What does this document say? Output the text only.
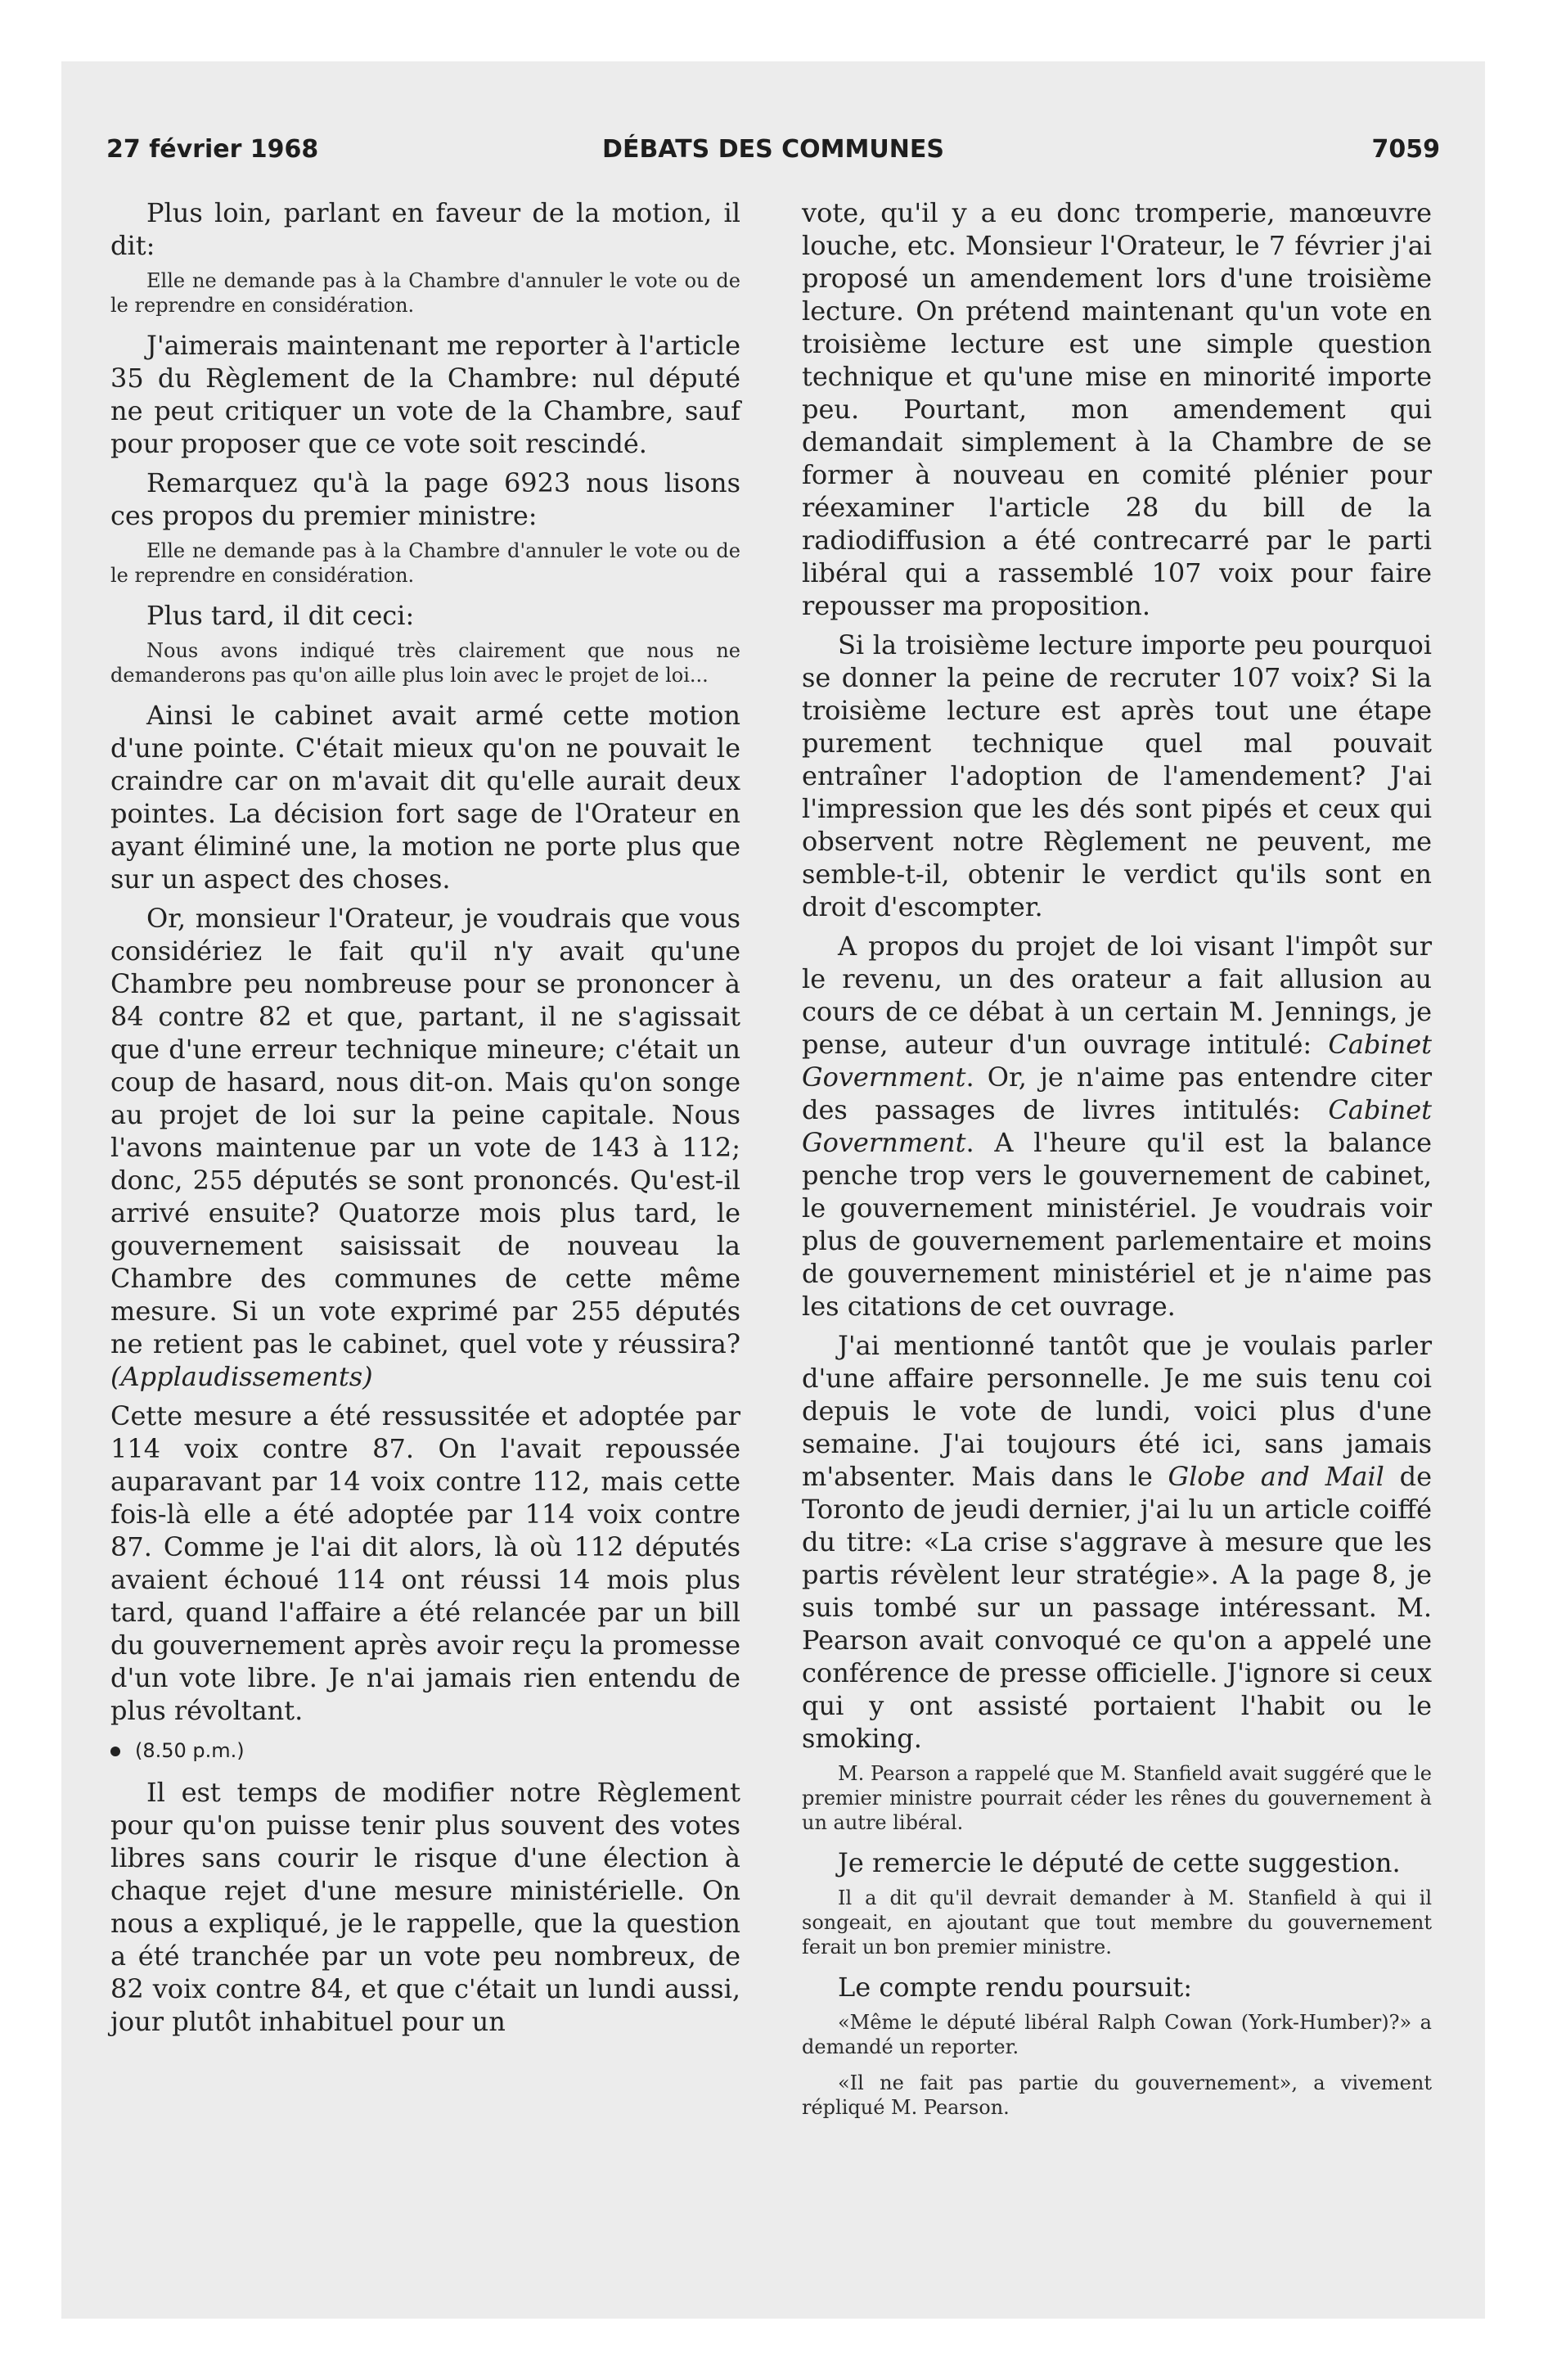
27 février 1968	DÉBATS DES COMMUNES	7059

Plus loin, parlant en faveur de la motion, il dit:

Elle ne demande pas à la Chambre d'annuler le vote ou de le reprendre en considération.

J'aimerais maintenant me reporter à l'article 35 du Règlement de la Chambre: nul député ne peut critiquer un vote de la Chambre, sauf pour proposer que ce vote soit rescindé.

Remarquez qu'à la page 6923 nous lisons ces propos du premier ministre:

Elle ne demande pas à la Chambre d'annuler le vote ou de le reprendre en considération.

Plus tard, il dit ceci:

Nous avons indiqué très clairement que nous ne demanderons pas qu'on aille plus loin avec le projet de loi...

Ainsi le cabinet avait armé cette motion d'une pointe. C'était mieux qu'on ne pouvait le craindre car on m'avait dit qu'elle aurait deux pointes. La décision fort sage de l'Orateur en ayant éliminé une, la motion ne porte plus que sur un aspect des choses.

Or, monsieur l'Orateur, je voudrais que vous considériez le fait qu'il n'y avait qu'une Chambre peu nombreuse pour se prononcer à 84 contre 82 et que, partant, il ne s'agissait que d'une erreur technique mineure; c'était un coup de hasard, nous dit-on. Mais qu'on songe au projet de loi sur la peine capitale. Nous l'avons maintenue par un vote de 143 à 112; donc, 255 députés se sont prononcés. Qu'est-il arrivé ensuite? Quatorze mois plus tard, le gouvernement saisissait de nouveau la Chambre des communes de cette même mesure. Si un vote exprimé par 255 députés ne retient pas le cabinet, quel vote y réussira? (Applaudissements)

Cette mesure a été ressussitée et adoptée par 114 voix contre 87. On l'avait repoussée auparavant par 14 voix contre 112, mais cette fois-là elle a été adoptée par 114 voix contre 87. Comme je l'ai dit alors, là où 112 députés avaient échoué 114 ont réussi 14 mois plus tard, quand l'affaire a été relancée par un bill du gouvernement après avoir reçu la promesse d'un vote libre. Je n'ai jamais rien entendu de plus révoltant.

(8.50 p.m.)

Il est temps de modifier notre Règlement pour qu'on puisse tenir plus souvent des votes libres sans courir le risque d'une élection à chaque rejet d'une mesure ministérielle. On nous a expliqué, je le rappelle, que la question a été tranchée par un vote peu nombreux, de 82 voix contre 84, et que c'était un lundi aussi, jour plutôt inhabituel pour un

vote, qu'il y a eu donc tromperie, manœuvre louche, etc. Monsieur l'Orateur, le 7 février j'ai proposé un amendement lors d'une troisième lecture. On prétend maintenant qu'un vote en troisième lecture est une simple question technique et qu'une mise en minorité importe peu. Pourtant, mon amendement qui demandait simplement à la Chambre de se former à nouveau en comité plénier pour réexaminer l'article 28 du bill de la radiodiffusion a été contrecarré par le parti libéral qui a rassemblé 107 voix pour faire repousser ma proposition.

Si la troisième lecture importe peu pourquoi se donner la peine de recruter 107 voix? Si la troisième lecture est après tout une étape purement technique quel mal pouvait entraîner l'adoption de l'amendement? J'ai l'impression que les dés sont pipés et ceux qui observent notre Règlement ne peuvent, me semble-t-il, obtenir le verdict qu'ils sont en droit d'escompter.

A propos du projet de loi visant l'impôt sur le revenu, un des orateur a fait allusion au cours de ce débat à un certain M. Jennings, je pense, auteur d'un ouvrage intitulé: Cabinet Government. Or, je n'aime pas entendre citer des passages de livres intitulés: Cabinet Government. A l'heure qu'il est la balance penche trop vers le gouvernement de cabinet, le gouvernement ministériel. Je voudrais voir plus de gouvernement parlementaire et moins de gouvernement ministériel et je n'aime pas les citations de cet ouvrage.

J'ai mentionné tantôt que je voulais parler d'une affaire personnelle. Je me suis tenu coi depuis le vote de lundi, voici plus d'une semaine. J'ai toujours été ici, sans jamais m'absenter. Mais dans le Globe and Mail de Toronto de jeudi dernier, j'ai lu un article coiffé du titre: «La crise s'aggrave à mesure que les partis révèlent leur stratégie». A la page 8, je suis tombé sur un passage intéressant. M. Pearson avait convoqué ce qu'on a appelé une conférence de presse officielle. J'ignore si ceux qui y ont assisté portaient l'habit ou le smoking.

M. Pearson a rappelé que M. Stanfield avait suggéré que le premier ministre pourrait céder les rênes du gouvernement à un autre libéral.

Je remercie le député de cette suggestion.

Il a dit qu'il devrait demander à M. Stanfield à qui il songeait, en ajoutant que tout membre du gouvernement ferait un bon premier ministre.

Le compte rendu poursuit:

«Même le député libéral Ralph Cowan (York-Humber)?» a demandé un reporter.

«Il ne fait pas partie du gouvernement», a vivement répliqué M. Pearson.
